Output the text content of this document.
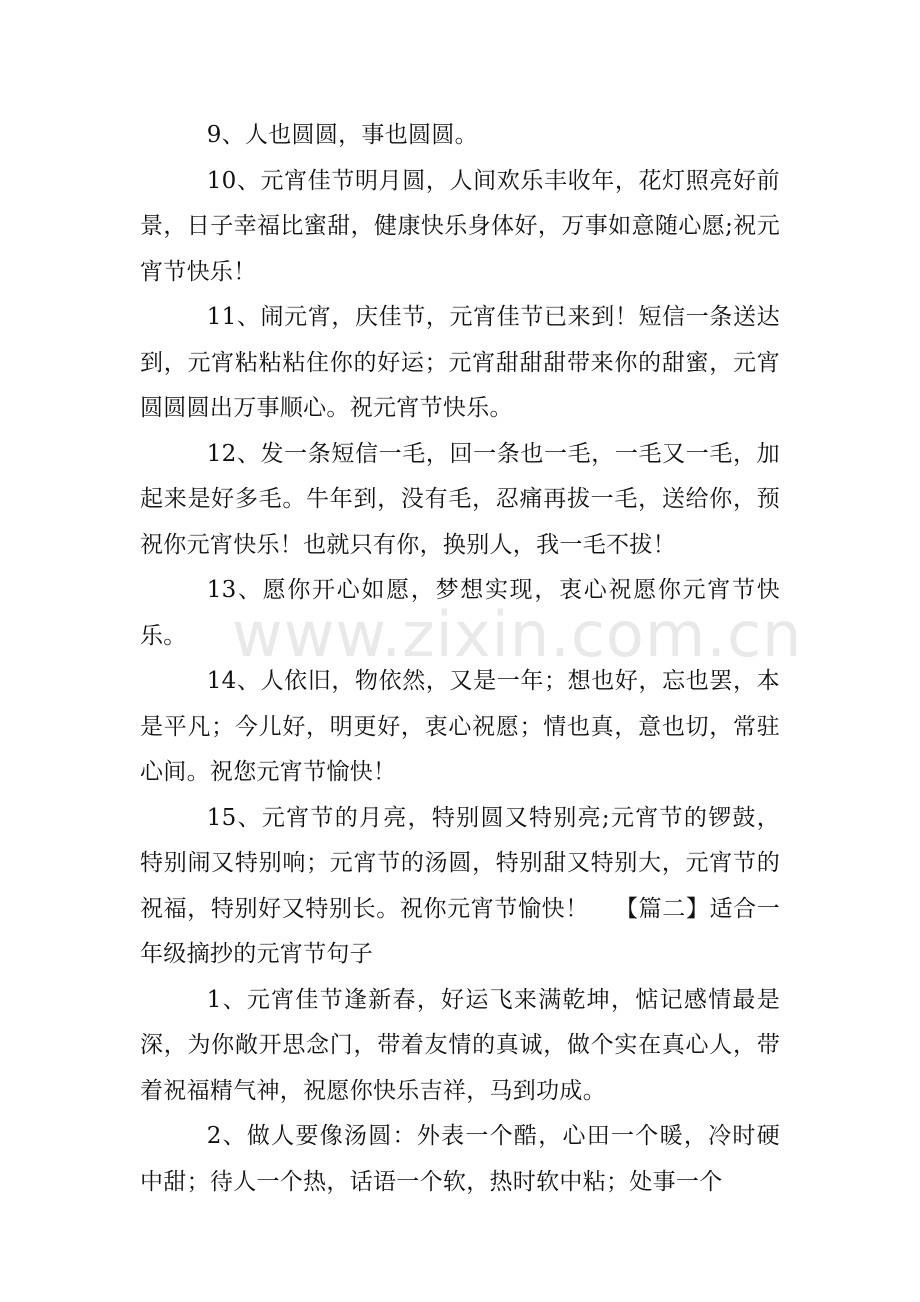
www.zixin.com.cn

9、人也圆圆，事也圆圆。

10、元宵佳节明月圆，人间欢乐丰收年，花灯照亮好前景，日子幸福比蜜甜，健康快乐身体好，万事如意随心愿;祝元宵节快乐！

11、闹元宵，庆佳节，元宵佳节已来到！短信一条送达到，元宵粘粘粘住你的好运；元宵甜甜甜带来你的甜蜜，元宵圆圆圆出万事顺心。祝元宵节快乐。

12、发一条短信一毛，回一条也一毛，一毛又一毛，加起来是好多毛。牛年到，没有毛，忍痛再拔一毛，送给你，预祝你元宵快乐！也就只有你，换别人，我一毛不拔！

13、愿你开心如愿，梦想实现，衷心祝愿你元宵节快乐。

14、人依旧，物依然，又是一年；想也好，忘也罢，本是平凡；今儿好，明更好，衷心祝愿；情也真，意也切，常驻心间。祝您元宵节愉快！

15、元宵节的月亮，特别圆又特别亮;元宵节的锣鼓，特别闹又特别响；元宵节的汤圆，特别甜又特别大，元宵节的祝福，特别好又特别长。祝你元宵节愉快！ 【篇二】适合一年级摘抄的元宵节句子

1、元宵佳节逢新春，好运飞来满乾坤，惦记感情最是深，为你敞开思念门，带着友情的真诚，做个实在真心人，带着祝福精气神，祝愿你快乐吉祥，马到功成。

2、做人要像汤圆：外表一个酷，心田一个暖，冷时硬中甜；待人一个热，话语一个软，热时软中粘；处事一个
